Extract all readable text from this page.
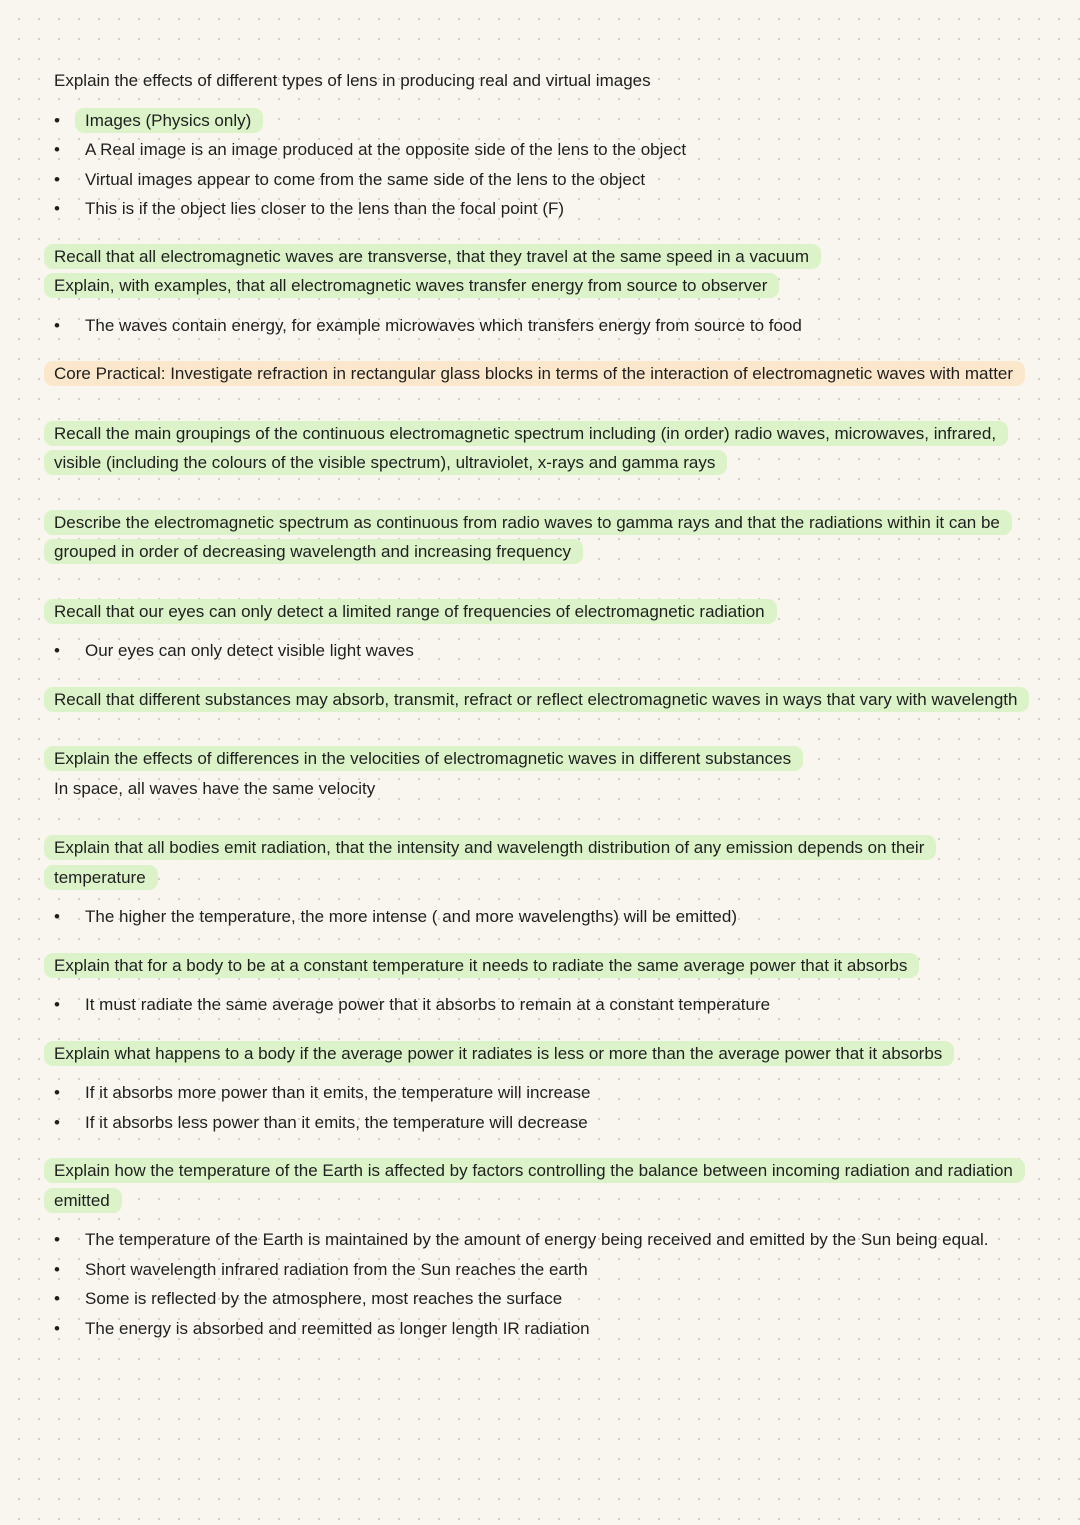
Explain the effects of different types of lens in producing real and virtual images

•	Images (Physics only)
•	A Real image is an image produced at the opposite side of the lens to the object
•	Virtual images appear to come from the same side of the lens to the object
•	This is if the object lies closer to the lens than the focal point (F)

Recall that all electromagnetic waves are transverse, that they travel at the same speed in a vacuum

Explain, with examples, that all electromagnetic waves transfer energy from source to observer

•	The waves contain energy, for example microwaves which transfers energy from source to food

Core Practical: Investigate refraction in rectangular glass blocks in terms of the interaction of electromagnetic waves with matter

Recall the main groupings of the continuous electromagnetic spectrum including (in order) radio waves, microwaves, infrared, visible (including the colours of the visible spectrum), ultraviolet, x-rays and gamma rays

Describe the electromagnetic spectrum as continuous from radio waves to gamma rays and that the radiations within it can be grouped in order of decreasing wavelength and increasing frequency

Recall that our eyes can only detect a limited range of frequencies of electromagnetic radiation

•	Our eyes can only detect visible light waves

Recall that different substances may absorb, transmit, refract or reflect electromagnetic waves in ways that vary with wavelength

Explain the effects of differences in the velocities of electromagnetic waves in different substances

In space, all waves have the same velocity

Explain that all bodies emit radiation, that the intensity and wavelength distribution of any emission depends on their temperature

•	The higher the temperature, the more intense ( and more wavelengths) will be emitted)

Explain that for a body to be at a constant temperature it needs to radiate the same average power that it absorbs

•	It must radiate the same average power that it absorbs to remain at a constant temperature

Explain what happens to a body if the average power it radiates is less or more than the average power that it absorbs

•	If it absorbs more power than it emits, the temperature will increase
•	If it absorbs less power than it emits, the temperature will decrease

Explain how the temperature of the Earth is affected by factors controlling the balance between incoming radiation and radiation emitted

•	The temperature of the Earth is maintained by the amount of energy being received and emitted by the Sun being equal.
•	Short wavelength infrared radiation from the Sun reaches the earth
•	Some is reflected by the atmosphere, most reaches the surface
•	The energy is absorbed and reemitted as longer length IR radiation
